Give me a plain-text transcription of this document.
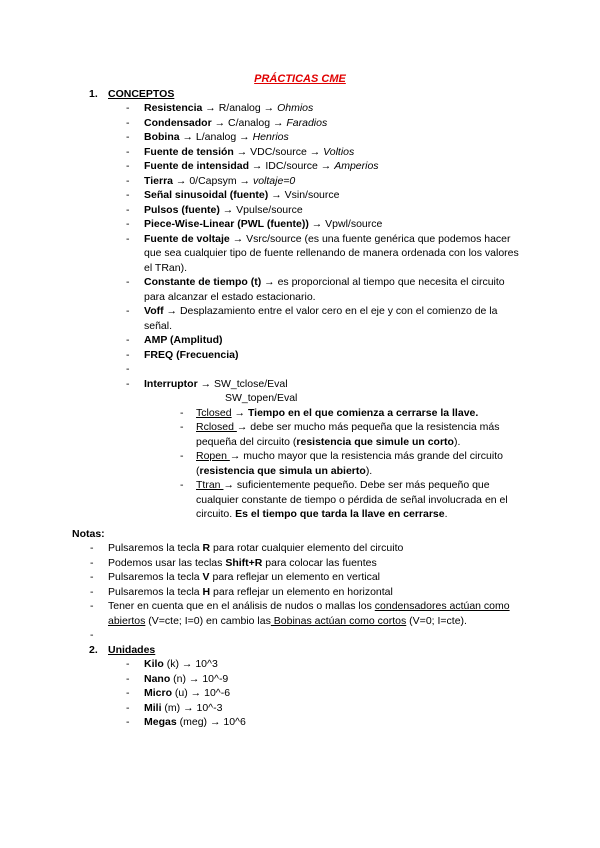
PRÁCTICAS CME
1. CONCEPTOS
- Resistencia → R/analog → Ohmios
- Condensador → C/analog → Faradios
- Bobina → L/analog → Henrios
- Fuente de tensión → VDC/source → Voltios
- Fuente de intensidad → IDC/source → Amperios
- Tierra → 0/Capsym → voltaje=0
- Señal sinusoidal (fuente) → Vsin/source
- Pulsos (fuente) → Vpulse/source
- Piece-Wise-Linear (PWL (fuente)) → Vpwl/source
- Fuente de voltaje → Vsrc/source (es una fuente genérica que podemos hacer que sea cualquier tipo de fuente rellenando de manera ordenada con los valores el TRan).
- Constante de tiempo (t) → es proporcional al tiempo que necesita el circuito para alcanzar el estado estacionario.
- Voff → Desplazamiento entre el valor cero en el eje y con el comienzo de la señal.
- AMP (Amplitud)
- FREQ (Frecuencia)
-
- Interruptor → SW_tclose/Eval
SW_topen/Eval
- Tclosed → Tiempo en el que comienza a cerrarse la llave.
- Rclosed → debe ser mucho más pequeña que la resistencia más pequeña del circuito (resistencia que simule un corto).
- Ropen → mucho mayor que la resistencia más grande del circuito (resistencia que simula un abierto).
- Ttran → suficientemente pequeño. Debe ser más pequeño que cualquier constante de tiempo o pérdida de señal involucrada en el circuito. Es el tiempo que tarda la llave en cerrarse.
Notas:
- Pulsaremos la tecla R para rotar cualquier elemento del circuito
- Podemos usar las teclas Shift+R para colocar las fuentes
- Pulsaremos la tecla V para reflejar un elemento en vertical
- Pulsaremos la tecla H para reflejar un elemento en horizontal
- Tener en cuenta que en el análisis de nudos o mallas los condensadores actúan como abiertos (V=cte; I=0) en cambio las Bobinas actúan como cortos (V=0; I=cte).
-
2. Unidades
- Kilo (k) → 10^3
- Nano (n) → 10^-9
- Micro (u) → 10^-6
- Mili (m) → 10^-3
- Megas (meg) → 10^6
